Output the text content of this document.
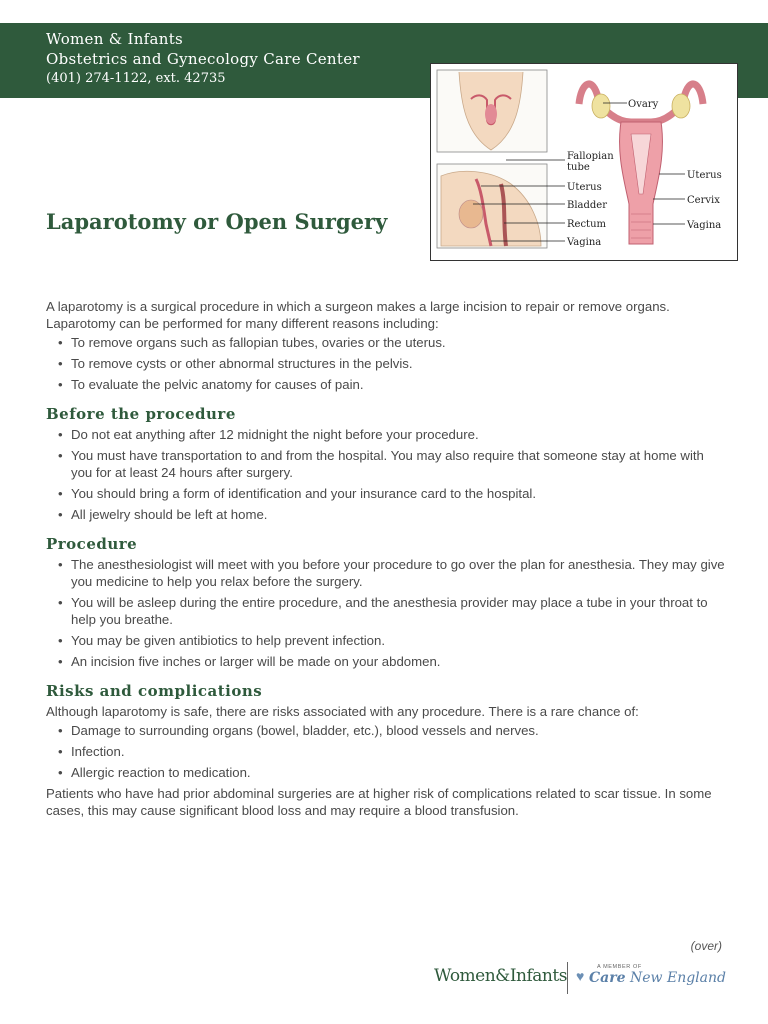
Women & Infants
Obstetrics and Gynecology Care Center
(401) 274-1122, ext. 42735
Ovary
Fallopian
tube
Uterus
Bladder
Rectum
Vagina
Uterus
Cervix
Vagina
Laparotomy or Open Surgery

A laparotomy is a surgical procedure in which a surgeon makes a large incision to repair or remove organs. Laparotomy can be performed for many different reasons including:

• To remove organs such as fallopian tubes, ovaries or the uterus.
• To remove cysts or other abnormal structures in the pelvis.
• To evaluate the pelvic anatomy for causes of pain.
Before the procedure
• Do not eat anything after 12 midnight the night before your procedure.
• You must have transportation to and from the hospital. You may also require that someone stay at home with you for at least 24 hours after surgery.
• You should bring a form of identification and your insurance card to the hospital.
• All jewelry should be left at home.
Procedure
• The anesthesiologist will meet with you before your procedure to go over the plan for anesthesia. They may give you medicine to help you relax before the surgery.
• You will be asleep during the entire procedure, and the anesthesia provider may place a tube in your throat to help you breathe.
• You may be given antibiotics to help prevent infection.
• An incision five inches or larger will be made on your abdomen.
Risks and complications

Although laparotomy is safe, there are risks associated with any procedure. There is a rare chance of:

• Damage to surrounding organs (bowel, bladder, etc.), blood vessels and nerves.
• Infection.
• Allergic reaction to medication.

Patients who have had prior abdominal surgeries are at higher risk of complications related to scar tissue. In some cases, this may cause significant blood loss and may require a blood transfusion.

(over)
Women&Infants	A MEMBER OF
♥ Care New England
